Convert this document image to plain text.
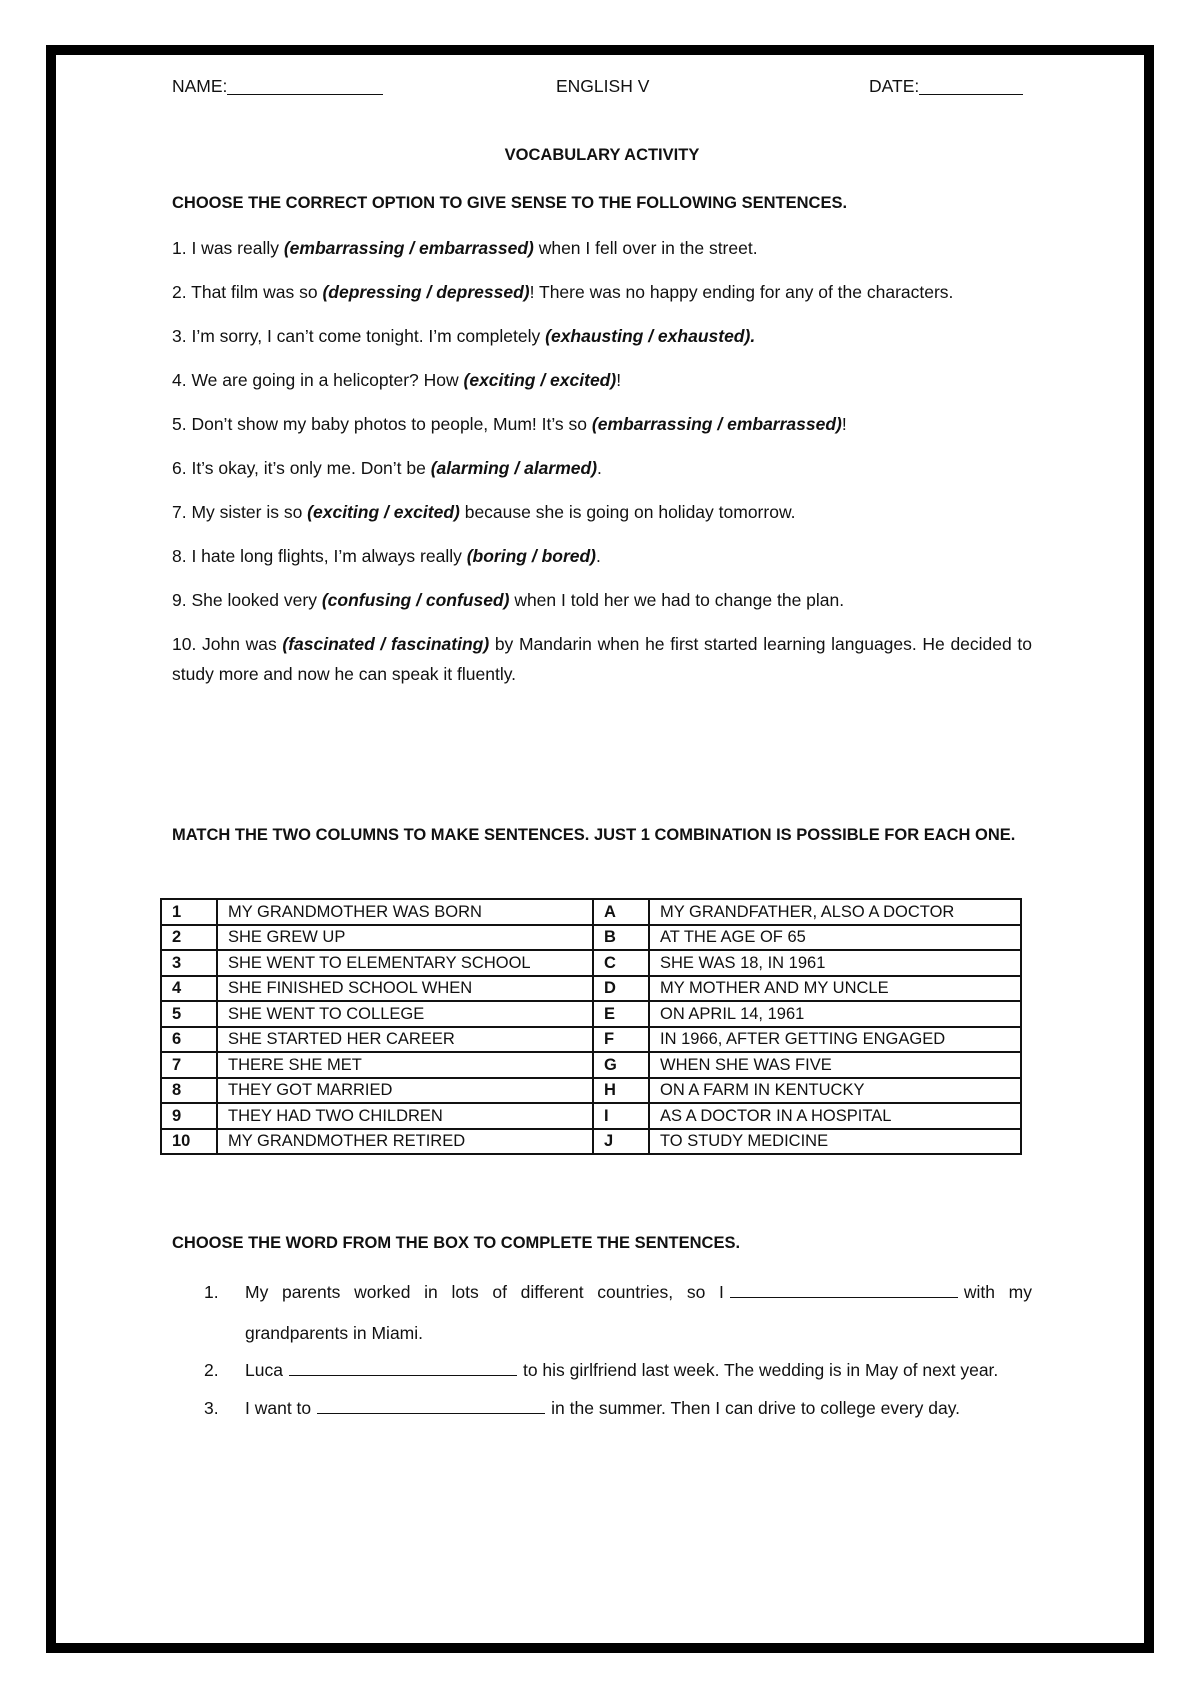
NAME:	ENGLISH V	DATE:
VOCABULARY ACTIVITY
CHOOSE THE CORRECT OPTION TO GIVE SENSE TO THE FOLLOWING SENTENCES.

1. I was really (embarrassing / embarrassed) when I fell over in the street.

2. That film was so (depressing / depressed)! There was no happy ending for any of the characters.

3. I’m sorry, I can’t come tonight. I’m completely (exhausting / exhausted).

4. We are going in a helicopter? How (exciting / excited)!

5. Don’t show my baby photos to people, Mum! It’s so (embarrassing / embarrassed)!

6. It’s okay, it’s only me. Don’t be (alarming / alarmed).

7. My sister is so (exciting / excited) because she is going on holiday tomorrow.

8. I hate long flights, I’m always really (boring / bored).

9. She looked very (confusing / confused) when I told her we had to change the plan.

10. John was (fascinated / fascinating) by Mandarin when he first started learning languages. He decided to study more and now he can speak it fluently.

MATCH THE TWO COLUMNS TO MAKE SENTENCES. JUST 1 COMBINATION IS POSSIBLE FOR EACH ONE.
1	MY GRANDMOTHER WAS BORN	A	MY GRANDFATHER, ALSO A DOCTOR
2	SHE GREW UP	B	AT THE AGE OF 65
3	SHE WENT TO ELEMENTARY SCHOOL	C	SHE WAS 18, IN 1961
4	SHE FINISHED SCHOOL WHEN	D	MY MOTHER AND MY UNCLE
5	SHE WENT TO COLLEGE	E	ON APRIL 14, 1961
6	SHE STARTED HER CAREER	F	IN 1966, AFTER GETTING ENGAGED
7	THERE SHE MET	G	WHEN SHE WAS FIVE
8	THEY GOT MARRIED	H	ON A FARM IN KENTUCKY
9	THEY HAD TWO CHILDREN	I	AS A DOCTOR IN A HOSPITAL
10	MY GRANDMOTHER RETIRED	J	TO STUDY MEDICINE
CHOOSE THE WORD FROM THE BOX TO COMPLETE THE SENTENCES.
1. My parents worked in lots of different countries, so I	with my grandparents in Miami.
2. Luca	to his girlfriend last week. The wedding is in May of next year.
3. I want to	in the summer. Then I can drive to college every day.
